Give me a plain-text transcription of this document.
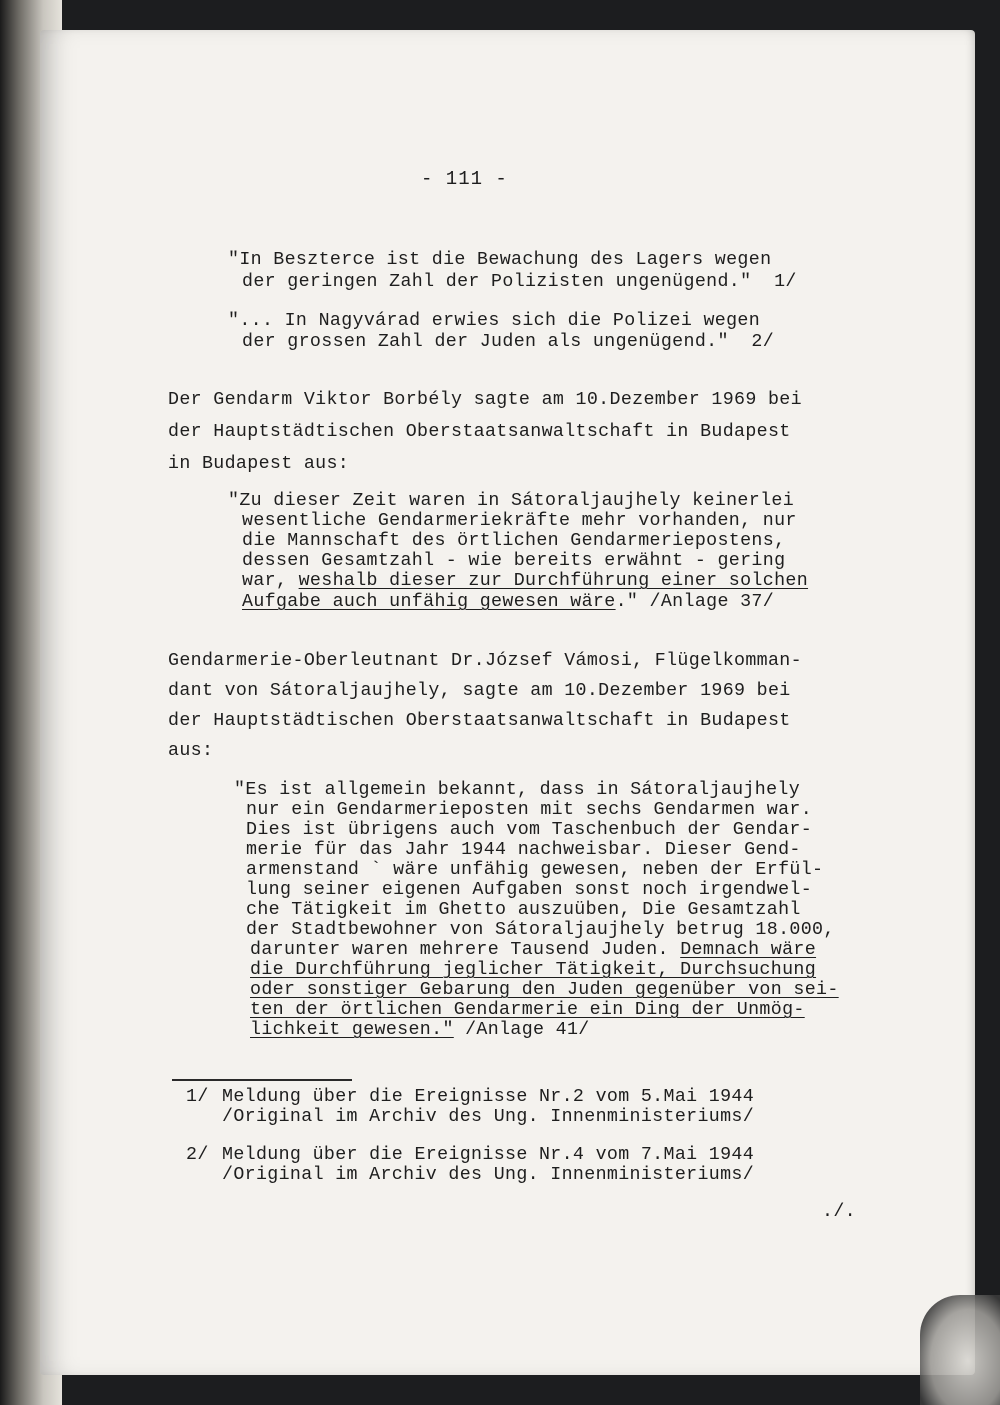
- 111 -
"In Beszterce ist die Bewachung des Lagers wegen
der geringen Zahl der Polizisten ungenügend."  1/
"... In Nagyvárad erwies sich die Polizei wegen
der grossen Zahl der Juden als ungenügend."  2/
Der Gendarm Viktor Borbély sagte am 10.Dezember 1969 bei
der Hauptstädtischen Oberstaatsanwaltschaft in Budapest
in Budapest aus:
"Zu dieser Zeit waren in Sátoraljaujhely keinerlei
wesentliche Gendarmeriekräfte mehr vorhanden, nur
die Mannschaft des örtlichen Gendarmeriepostens,
dessen Gesamtzahl - wie bereits erwähnt - gering
war, weshalb dieser zur Durchführung einer solchen
Aufgabe auch unfähig gewesen wäre." /Anlage 37/
Gendarmerie-Oberleutnant Dr.József Vámosi, Flügelkomman-
dant von Sátoraljaujhely, sagte am 10.Dezember 1969 bei
der Hauptstädtischen Oberstaatsanwaltschaft in Budapest
aus:
"Es ist allgemein bekannt, dass in Sátoraljaujhely
nur ein Gendarmerieposten mit sechs Gendarmen war.
Dies ist übrigens auch vom Taschenbuch der Gendar-
merie für das Jahr 1944 nachweisbar. Dieser Gend-
armenstand ` wäre unfähig gewesen, neben der Erfül-
lung seiner eigenen Aufgaben sonst noch irgendwel-
che Tätigkeit im Ghetto auszuüben, Die Gesamtzahl
der Stadtbewohner von Sátoraljaujhely betrug 18.000,
darunter waren mehrere Tausend Juden. Demnach wäre
die Durchführung jeglicher Tätigkeit, Durchsuchung
oder sonstiger Gebarung den Juden gegenüber von sei-
ten der örtlichen Gendarmerie ein Ding der Unmög-
lichkeit gewesen." /Anlage 41/
1/ Meldung über die Ereignisse Nr.2 vom 5.Mai 1944
/Original im Archiv des Ung. Innenministeriums/
2/ Meldung über die Ereignisse Nr.4 vom 7.Mai 1944
/Original im Archiv des Ung. Innenministeriums/
./.
